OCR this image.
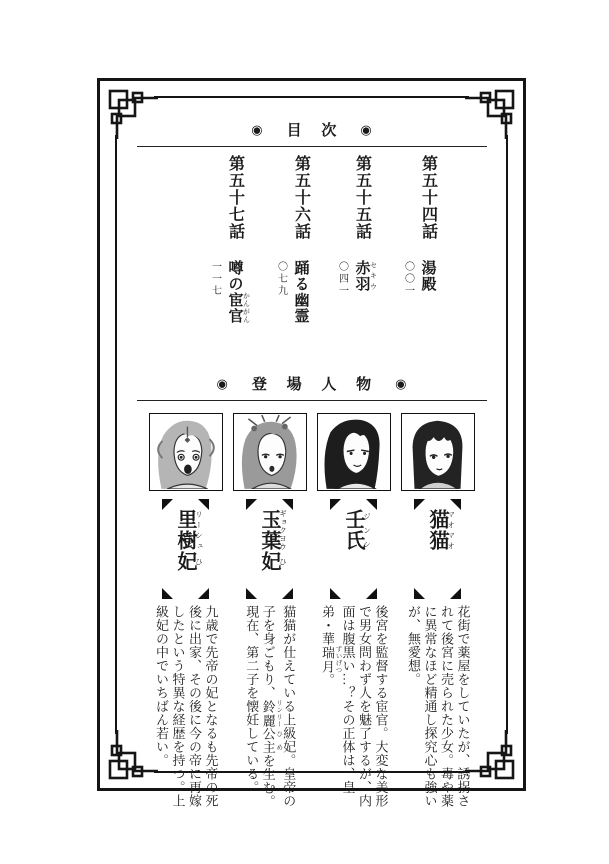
◉	目 次 ◉
第五十四話湯殿
〇〇一
第五十五話赤羽 セキウ
〇四一
第五十六話踊る幽霊
〇七九
第五十七話噂の宦官 かんがん
一一七
◉	登 場 人 物 ◉
猫猫マオマオ
花街で薬屋をしていたが、誘拐されて後宮に売られた少女。毒や薬に異常なほど精通し探究心も強いが、無愛想。
壬氏ジンシ
後宮を監督する宦官。大変な美形で男女問わず人を魅了するが、内面は腹黒い…？その正体は、皇弟・華瑞月 ずいげつ。
玉葉ギョクヨウ妃ひ
猫猫が仕えている上級妃。皇帝の子を身ごもり、鈴麗 リンリー公主 ひめを生む。現在、第二子を懐妊している。
里樹リーシュ妃ひ
九歳で先帝の妃となるも先帝の死後に出家、その後に今の帝に再嫁したという特異な経歴を持つ。上級妃の中でいちばん若い。
